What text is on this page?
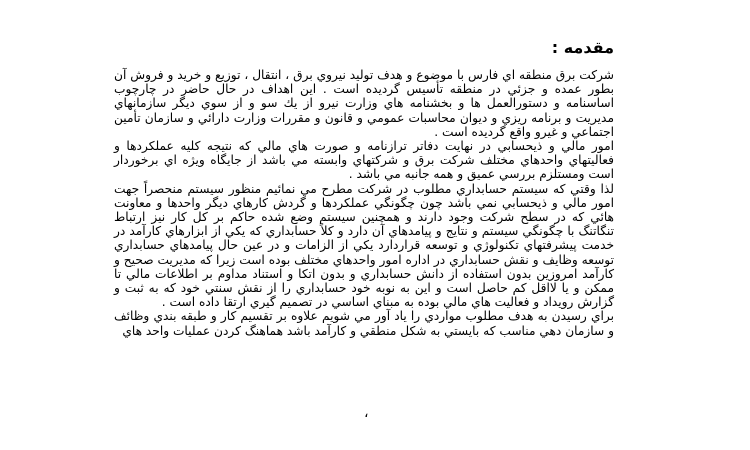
مقدمه :

شركت برق منطقه اي فارس با موضوع و هدف توليد نيروي برق ، انتقال ، توزيع و خريد و فروش آن بطور عمده و جزئي در منطقه تأسيس گرديده است . اين اهداف در حال حاضر در چارچوب اساسنامه و دستورالعمل ها و بخشنامه هاي وزارت نيرو از يك سو و از سوي ديگر سازمانهاي مديريت و برنامه ريزي و ديوان محاسبات عمومي و قانون و مقررات وزارت دارائي و سازمان تأمين اجتماعي و غيرو واقع گرديده است .

امور مالي و ذيحسابي در نهايت دفاتر ترازنامه و صورت هاي مالي كه نتيجه كليه عملكردها و فعاليتهاي واحدهاي مختلف شركت برق و شركتهاي وابسته مي باشد از جايگاه ويژه اي برخوردار است ومستلزم بررسي عميق و همه جانبه مي باشد .

لذا وقتي كه سيستم حسابداري مطلوب در شركت مطرح مي نمائيم منظور سيستم منحصراً جهت امور مالي و ذيحسابي نمي باشد چون چگونگي عملكردها و گردش كارهاي ديگر واحدها و معاونت هائي كه در سطح شركت وجود دارند و همچنين سيستم وضع شده حاكم بر كل كار نيز ارتباط تنگاتنگ با چگونگي سيستم و نتايج و پيامدهاي آن دارد و كلاً حسابداري كه يكي از ابزارهاي كارآمد در خدمت پيشرفتهاي تكنولوژي و توسعه قراردارد يكي از الزامات و در عين حال پيامدهاي حسابداري توسعه وظايف و نقش حسابداري در اداره امور واحدهاي مختلف بوده است زيرا كه مديريت صحيح و كارآمد امروزين بدون استفاده از دانش حسابداري و بدون اتكا و استناد مداوم بر اطلاعات مالي تا ممكن و يا لااقل كم حاصل است و اين به نوبه خود حسابداري را از نقش سنتي خود كه به ثبت و گزارش رويداد و فعاليت هاي مالي بوده به مبناي اساسي در تصميم گيري ارتقا داده است .

براي رسيدن به هدف مطلوب مواردي را ياد آور مي شويم علاوه بر تقسيم كار و طبقه بندي وظائف و سازمان دهي مناسب كه بايستي به شكل منطقي و كارآمد باشد هماهنگ كردن عمليات واحد هاي

،
